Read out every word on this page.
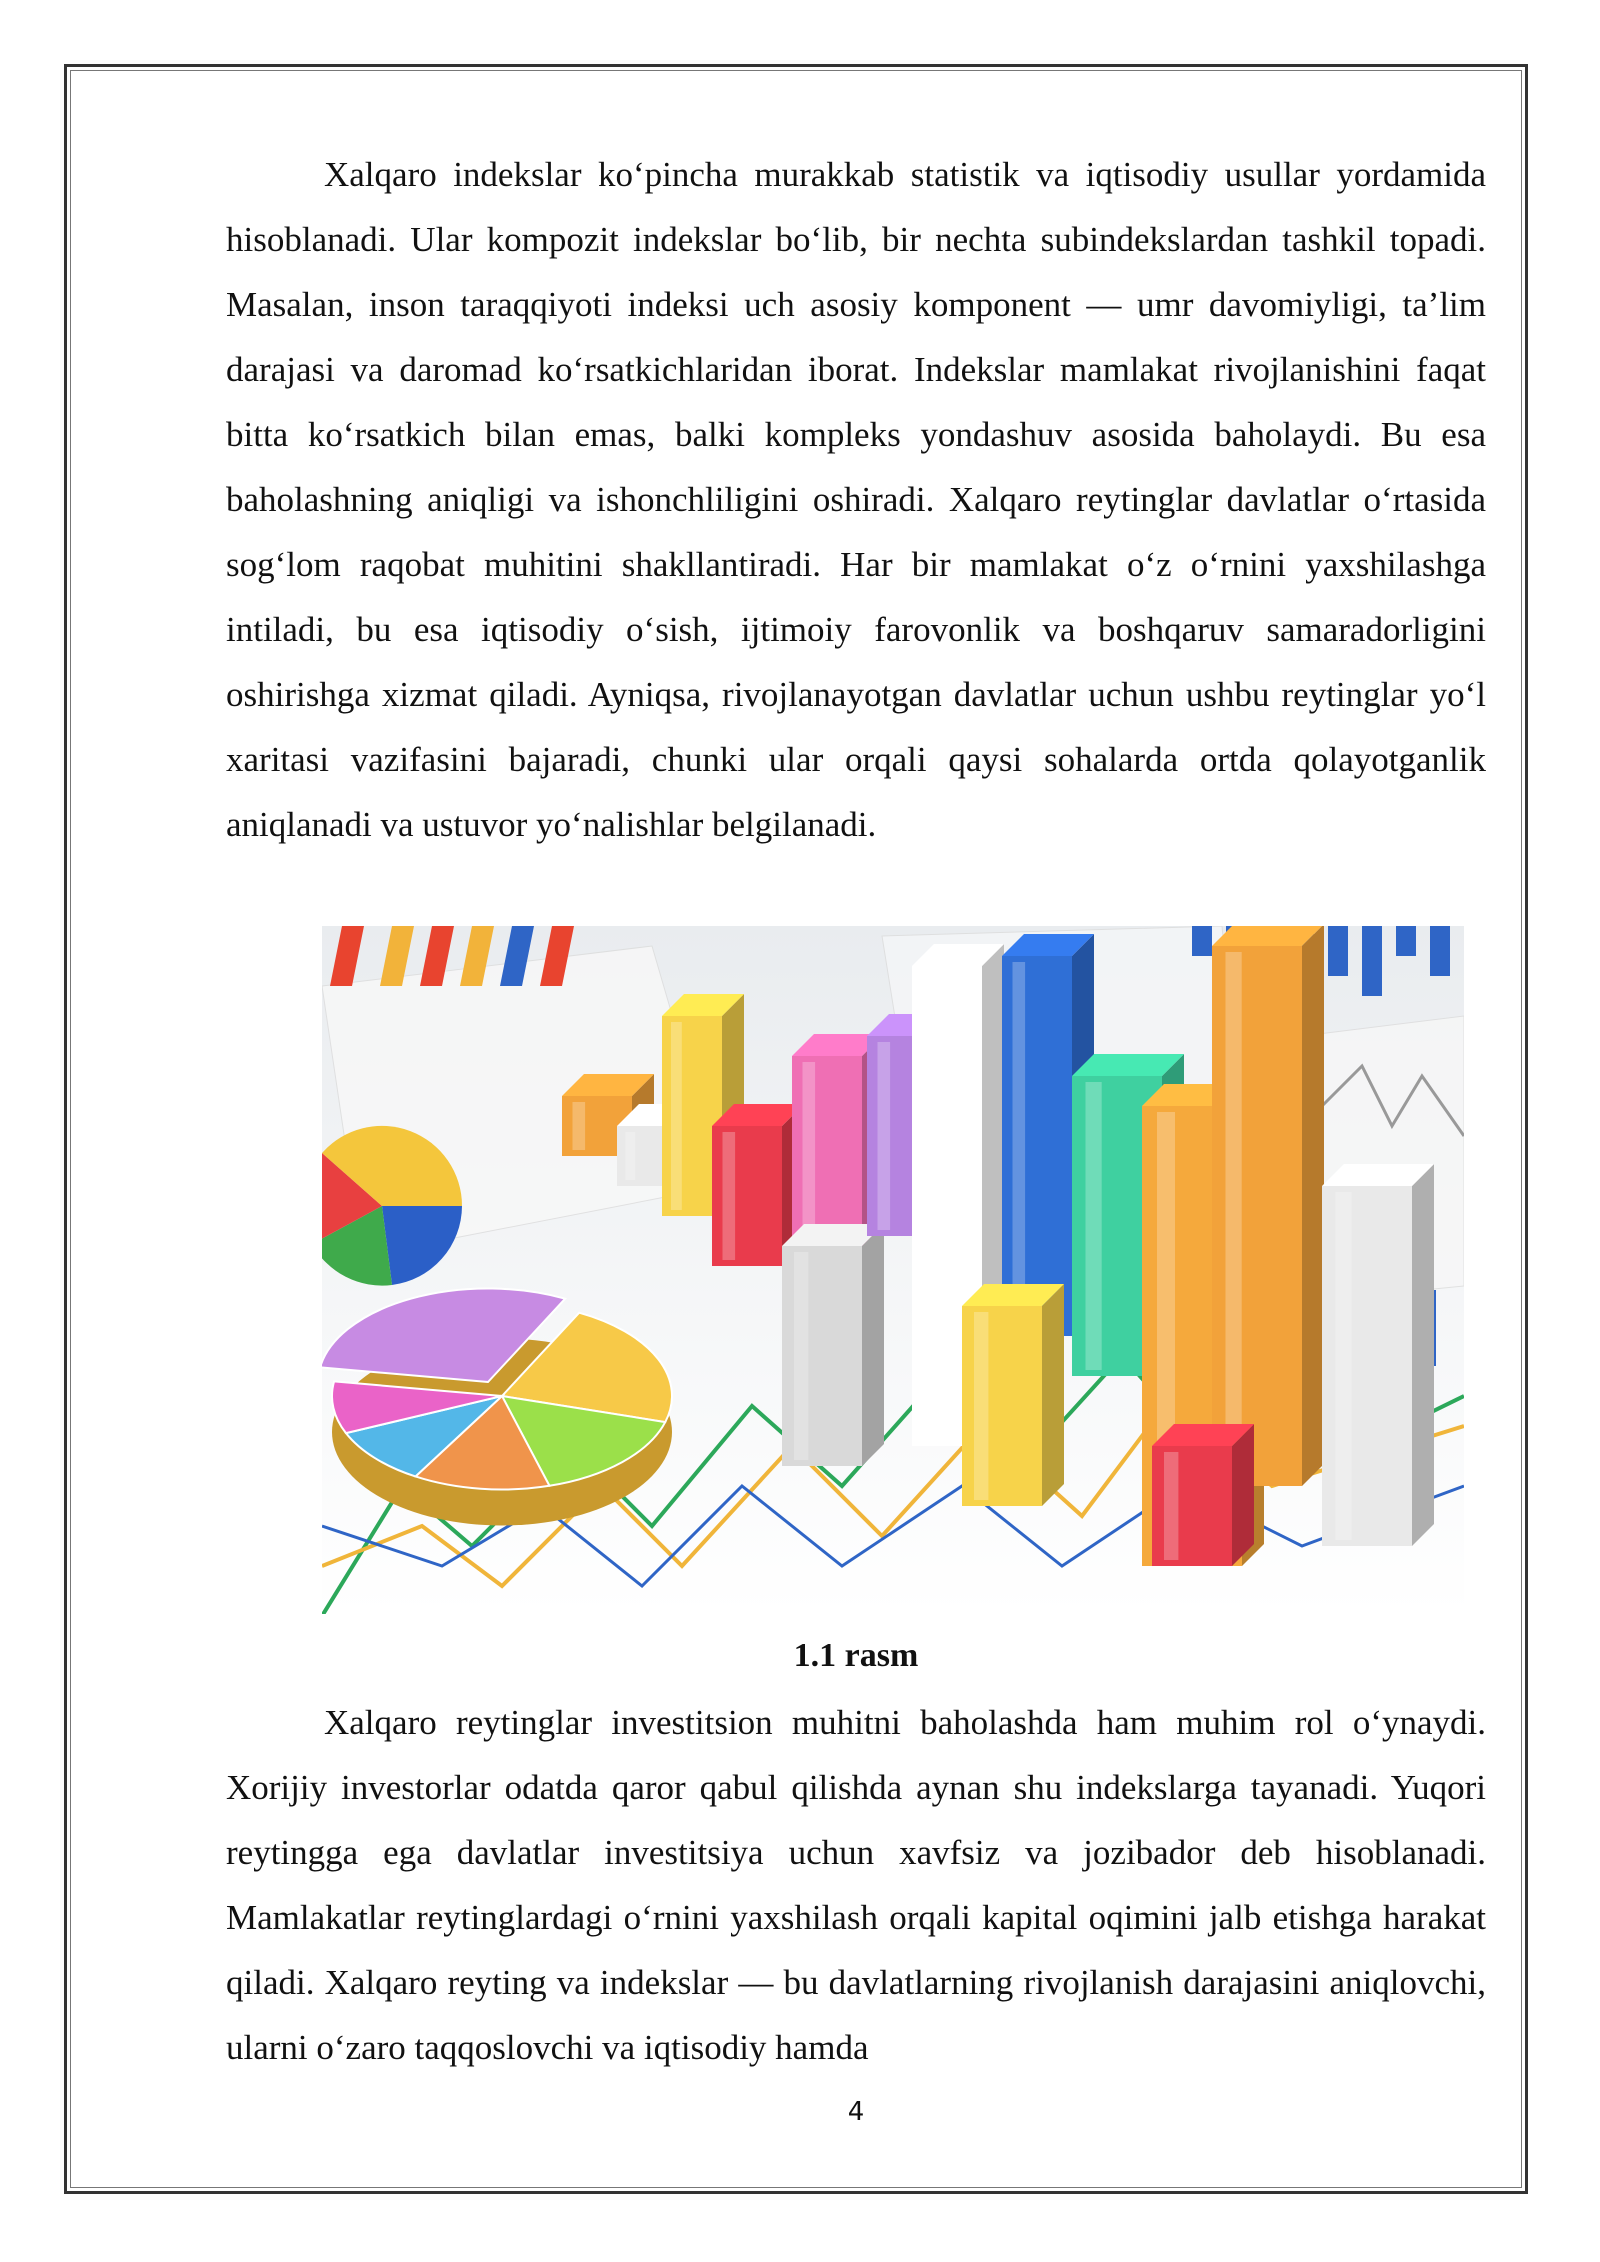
Xalqaro indekslar ko‘pincha murakkab statistik va iqtisodiy usullar yordamida hisoblanadi. Ular kompozit indekslar bo‘lib, bir nechta subindekslardan tashkil topadi. Masalan, inson taraqqiyoti indeksi uch asosiy komponent — umr davomiyligi, ta’lim darajasi va daromad ko‘rsatkichlaridan iborat. Indekslar mamlakat rivojlanishini faqat bitta ko‘rsatkich bilan emas, balki kompleks yondashuv asosida baholaydi. Bu esa baholashning aniqligi va ishonchliligini oshiradi. Xalqaro reytinglar davlatlar o‘rtasida sog‘lom raqobat muhitini shakllantiradi. Har bir mamlakat o‘z o‘rnini yaxshilashga intiladi, bu esa iqtisodiy o‘sish, ijtimoiy farovonlik va boshqaruv samaradorligini oshirishga xizmat qiladi. Ayniqsa, rivojlanayotgan davlatlar uchun ushbu reytinglar yo‘l xaritasi vazifasini bajaradi, chunki ular orqali qaysi sohalarda ortda qolayotganlik aniqlanadi va ustuvor yo‘nalishlar belgilanadi.
1.1 rasm
Xalqaro reytinglar investitsion muhitni baholashda ham muhim rol o‘ynaydi. Xorijiy investorlar odatda qaror qabul qilishda aynan shu indekslarga tayanadi. Yuqori reytingga ega davlatlar investitsiya uchun xavfsiz va jozibador deb hisoblanadi. Mamlakatlar reytinglardagi o‘rnini yaxshilash orqali kapital oqimini jalb etishga harakat qiladi. Xalqaro reyting va indekslar — bu davlatlarning rivojlanish darajasini aniqlovchi, ularni o‘zaro taqqoslovchi va iqtisodiy hamda
4
